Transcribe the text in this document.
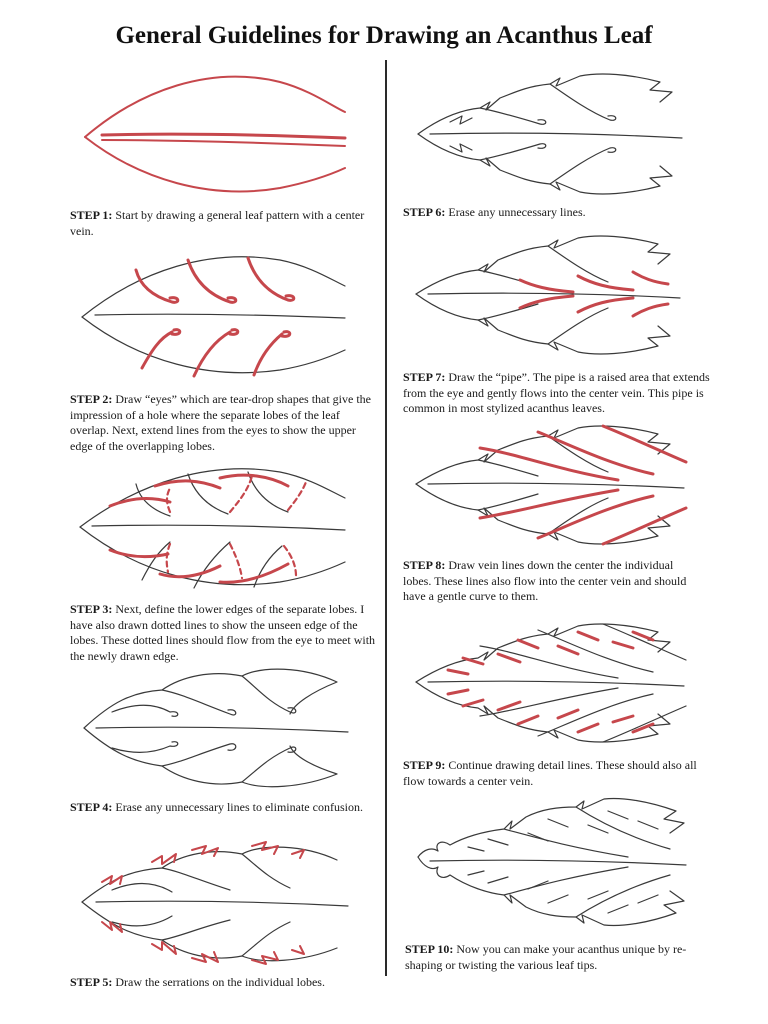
General Guidelines for Drawing an Acanthus Leaf
STEP 1: Start by drawing a general leaf pattern with a center vein.
STEP 2: Draw “eyes” which are tear-drop shapes that give the impression of a hole where the separate lobes of the leaf overlap. Next, extend lines from the eyes to show the upper edge of the overlapping lobes.
STEP 3: Next, define the lower edges of the separate lobes. I have also drawn dotted lines to show the unseen edge of the lobes. These dotted lines should flow from the eye to meet with the newly drawn edge.
STEP 4: Erase any unnecessary lines to eliminate confusion.
STEP 5: Draw the serrations on the individual lobes.
STEP 6: Erase any unnecessary lines.
STEP 7: Draw the “pipe”. The pipe is a raised area that extends from the eye and gently flows into the center vein. This pipe is common in most stylized acanthus leaves.
STEP 8: Draw vein lines down the center the individual lobes. These lines also flow into the center vein and should have a gentle curve to them.
STEP 9: Continue drawing detail lines. These should also all flow towards a center vein.
STEP 10: Now you can make your acanthus unique by re-shaping or twisting the various leaf tips.
